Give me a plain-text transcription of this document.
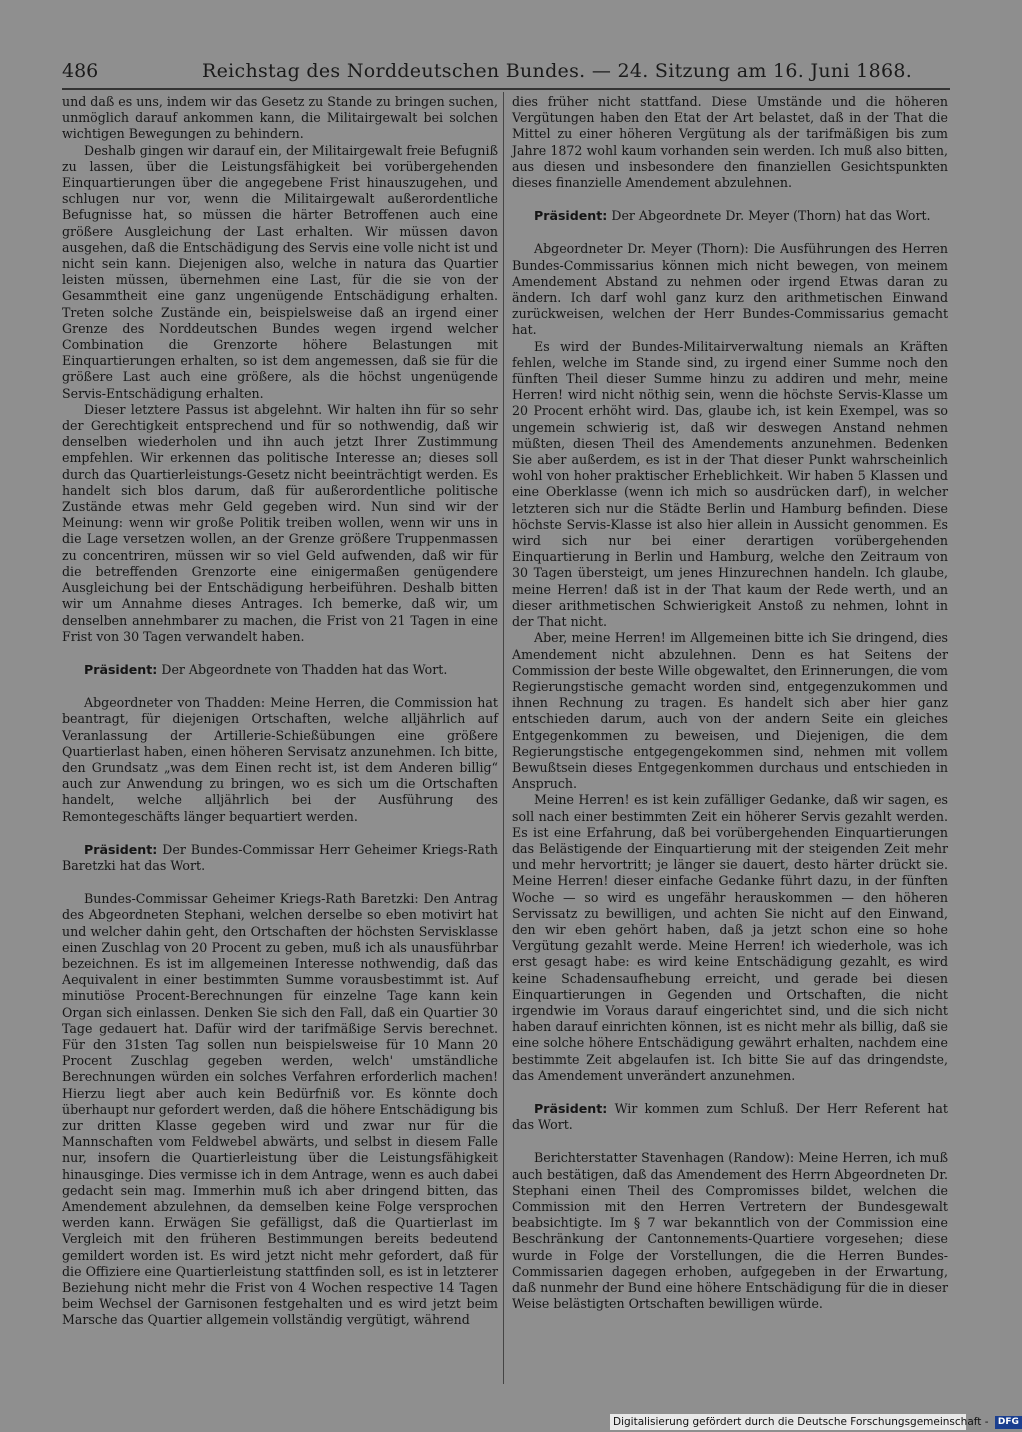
486	Reichstag des Norddeutschen Bundes. — 24. Sitzung am 16. Juni 1868.

und daß es uns, indem wir das Gesetz zu Stande zu bringen suchen, unmöglich darauf ankommen kann, die Militairgewalt bei solchen wichtigen Bewegungen zu behindern.

Deshalb gingen wir darauf ein, der Militairgewalt freie Befugniß zu lassen, über die Leistungsfähigkeit bei vorübergehenden Einquartierungen über die angegebene Frist hinauszugehen, und schlugen nur vor, wenn die Militairgewalt außerordentliche Befugnisse hat, so müssen die härter Betroffenen auch eine größere Ausgleichung der Last erhalten. Wir müssen davon ausgehen, daß die Entschädigung des Servis eine volle nicht ist und nicht sein kann. Diejenigen also, welche in natura das Quartier leisten müssen, übernehmen eine Last, für die sie von der Gesammtheit eine ganz ungenügende Entschädigung erhalten. Treten solche Zustände ein, beispielsweise daß an irgend einer Grenze des Norddeutschen Bundes wegen irgend welcher Combination die Grenzorte höhere Belastungen mit Einquartierungen erhalten, so ist dem angemessen, daß sie für die größere Last auch eine größere, als die höchst ungenügende Servis-Entschädigung erhalten.

Dieser letztere Passus ist abgelehnt. Wir halten ihn für so sehr der Gerechtigkeit entsprechend und für so nothwendig, daß wir denselben wiederholen und ihn auch jetzt Ihrer Zustimmung empfehlen. Wir erkennen das politische Interesse an; dieses soll durch das Quartierleistungs-Gesetz nicht beeinträchtigt werden. Es handelt sich blos darum, daß für außerordentliche politische Zustände etwas mehr Geld gegeben wird. Nun sind wir der Meinung: wenn wir große Politik treiben wollen, wenn wir uns in die Lage versetzen wollen, an der Grenze größere Truppenmassen zu concentriren, müssen wir so viel Geld aufwenden, daß wir für die betreffenden Grenzorte eine einigermaßen genügendere Ausgleichung bei der Entschädigung herbeiführen. Deshalb bitten wir um Annahme dieses Antrages. Ich bemerke, daß wir, um denselben annehmbarer zu machen, die Frist von 21 Tagen in eine Frist von 30 Tagen verwandelt haben.

Präsident: Der Abgeordnete von Thadden hat das Wort.

Abgeordneter von Thadden: Meine Herren, die Commission hat beantragt, für diejenigen Ortschaften, welche alljährlich auf Veranlassung der Artillerie-Schießübungen eine größere Quartierlast haben, einen höheren Servisatz anzunehmen. Ich bitte, den Grundsatz „was dem Einen recht ist, ist dem Anderen billig“ auch zur Anwendung zu bringen, wo es sich um die Ortschaften handelt, welche alljährlich bei der Ausführung des Remontegeschäfts länger bequartiert werden.

Präsident: Der Bundes-Commissar Herr Geheimer Kriegs-Rath Baretzki hat das Wort.

Bundes-Commissar Geheimer Kriegs-Rath Baretzki: Den Antrag des Abgeordneten Stephani, welchen derselbe so eben motivirt hat und welcher dahin geht, den Ortschaften der höchsten Servisklasse einen Zuschlag von 20 Procent zu geben, muß ich als unausführbar bezeichnen. Es ist im allgemeinen Interesse nothwendig, daß das Aequivalent in einer bestimmten Summe vorausbestimmt ist. Auf minutiöse Procent-Berechnungen für einzelne Tage kann kein Organ sich einlassen. Denken Sie sich den Fall, daß ein Quartier 30 Tage gedauert hat. Dafür wird der tarifmäßige Servis berechnet. Für den 31sten Tag sollen nun beispielsweise für 10 Mann 20 Procent Zuschlag gegeben werden, welch' umständliche Berechnungen würden ein solches Verfahren erforderlich machen! Hierzu liegt aber auch kein Bedürfniß vor. Es könnte doch überhaupt nur gefordert werden, daß die höhere Entschädigung bis zur dritten Klasse gegeben wird und zwar nur für die Mannschaften vom Feldwebel abwärts, und selbst in diesem Falle nur, insofern die Quartierleistung über die Leistungsfähigkeit hinausginge. Dies vermisse ich in dem Antrage, wenn es auch dabei gedacht sein mag. Immerhin muß ich aber dringend bitten, das Amendement abzulehnen, da demselben keine Folge versprochen werden kann. Erwägen Sie gefälligst, daß die Quartierlast im Vergleich mit den früheren Bestimmungen bereits bedeutend gemildert worden ist. Es wird jetzt nicht mehr gefordert, daß für die Offiziere eine Quartierleistung stattfinden soll, es ist in letzterer Beziehung nicht mehr die Frist von 4 Wochen respective 14 Tagen beim Wechsel der Garnisonen festgehalten und es wird jetzt beim Marsche das Quartier allgemein vollständig vergütigt, während

dies früher nicht stattfand. Diese Umstände und die höheren Vergütungen haben den Etat der Art belastet, daß in der That die Mittel zu einer höheren Vergütung als der tarifmäßigen bis zum Jahre 1872 wohl kaum vorhanden sein werden. Ich muß also bitten, aus diesen und insbesondere den finanziellen Gesichtspunkten dieses finanzielle Amendement abzulehnen.

Präsident: Der Abgeordnete Dr. Meyer (Thorn) hat das Wort.

Abgeordneter Dr. Meyer (Thorn): Die Ausführungen des Herren Bundes-Commissarius können mich nicht bewegen, von meinem Amendement Abstand zu nehmen oder irgend Etwas daran zu ändern. Ich darf wohl ganz kurz den arithmetischen Einwand zurückweisen, welchen der Herr Bundes-Commissarius gemacht hat.

Es wird der Bundes-Militairverwaltung niemals an Kräften fehlen, welche im Stande sind, zu irgend einer Summe noch den fünften Theil dieser Summe hinzu zu addiren und mehr, meine Herren! wird nicht nöthig sein, wenn die höchste Servis-Klasse um 20 Procent erhöht wird. Das, glaube ich, ist kein Exempel, was so ungemein schwierig ist, daß wir deswegen Anstand nehmen müßten, diesen Theil des Amendements anzunehmen. Bedenken Sie aber außerdem, es ist in der That dieser Punkt wahrscheinlich wohl von hoher praktischer Erheblichkeit. Wir haben 5 Klassen und eine Oberklasse (wenn ich mich so ausdrücken darf), in welcher letzteren sich nur die Städte Berlin und Hamburg befinden. Diese höchste Servis-Klasse ist also hier allein in Aussicht genommen. Es wird sich nur bei einer derartigen vorübergehenden Einquartierung in Berlin und Hamburg, welche den Zeitraum von 30 Tagen übersteigt, um jenes Hinzurechnen handeln. Ich glaube, meine Herren! daß ist in der That kaum der Rede werth, und an dieser arithmetischen Schwierigkeit Anstoß zu nehmen, lohnt in der That nicht.

Aber, meine Herren! im Allgemeinen bitte ich Sie dringend, dies Amendement nicht abzulehnen. Denn es hat Seitens der Commission der beste Wille obgewaltet, den Erinnerungen, die vom Regierungstische gemacht worden sind, entgegenzukommen und ihnen Rechnung zu tragen. Es handelt sich aber hier ganz entschieden darum, auch von der andern Seite ein gleiches Entgegenkommen zu beweisen, und Diejenigen, die dem Regierungstische entgegengekommen sind, nehmen mit vollem Bewußtsein dieses Entgegenkommen durchaus und entschieden in Anspruch.

Meine Herren! es ist kein zufälliger Gedanke, daß wir sagen, es soll nach einer bestimmten Zeit ein höherer Servis gezahlt werden. Es ist eine Erfahrung, daß bei vorübergehenden Einquartierungen das Belästigende der Einquartierung mit der steigenden Zeit mehr und mehr hervortritt; je länger sie dauert, desto härter drückt sie. Meine Herren! dieser einfache Gedanke führt dazu, in der fünften Woche — so wird es ungefähr herauskommen — den höheren Servissatz zu bewilligen, und achten Sie nicht auf den Einwand, den wir eben gehört haben, daß ja jetzt schon eine so hohe Vergütung gezahlt werde. Meine Herren! ich wiederhole, was ich erst gesagt habe: es wird keine Entschädigung gezahlt, es wird keine Schadensaufhebung erreicht, und gerade bei diesen Einquartierungen in Gegenden und Ortschaften, die nicht irgendwie im Voraus darauf eingerichtet sind, und die sich nicht haben darauf einrichten können, ist es nicht mehr als billig, daß sie eine solche höhere Entschädigung gewährt erhalten, nachdem eine bestimmte Zeit abgelaufen ist. Ich bitte Sie auf das dringendste, das Amendement unverändert anzunehmen.

Präsident: Wir kommen zum Schluß. Der Herr Referent hat das Wort.

Berichterstatter Stavenhagen (Randow): Meine Herren, ich muß auch bestätigen, daß das Amendement des Herrn Abgeordneten Dr. Stephani einen Theil des Compromisses bildet, welchen die Commission mit den Herren Vertretern der Bundesgewalt beabsichtigte. Im § 7 war bekanntlich von der Commission eine Beschränkung der Cantonnements-Quartiere vorgesehen; diese wurde in Folge der Vorstellungen, die die Herren Bundes-Commissarien dagegen erhoben, aufgegeben in der Erwartung, daß nunmehr der Bund eine höhere Entschädigung für die in dieser Weise belästigten Ortschaften bewilligen würde.

Digitalisierung gefördert durch die Deutsche Forschungsgemeinschaft - DFG
